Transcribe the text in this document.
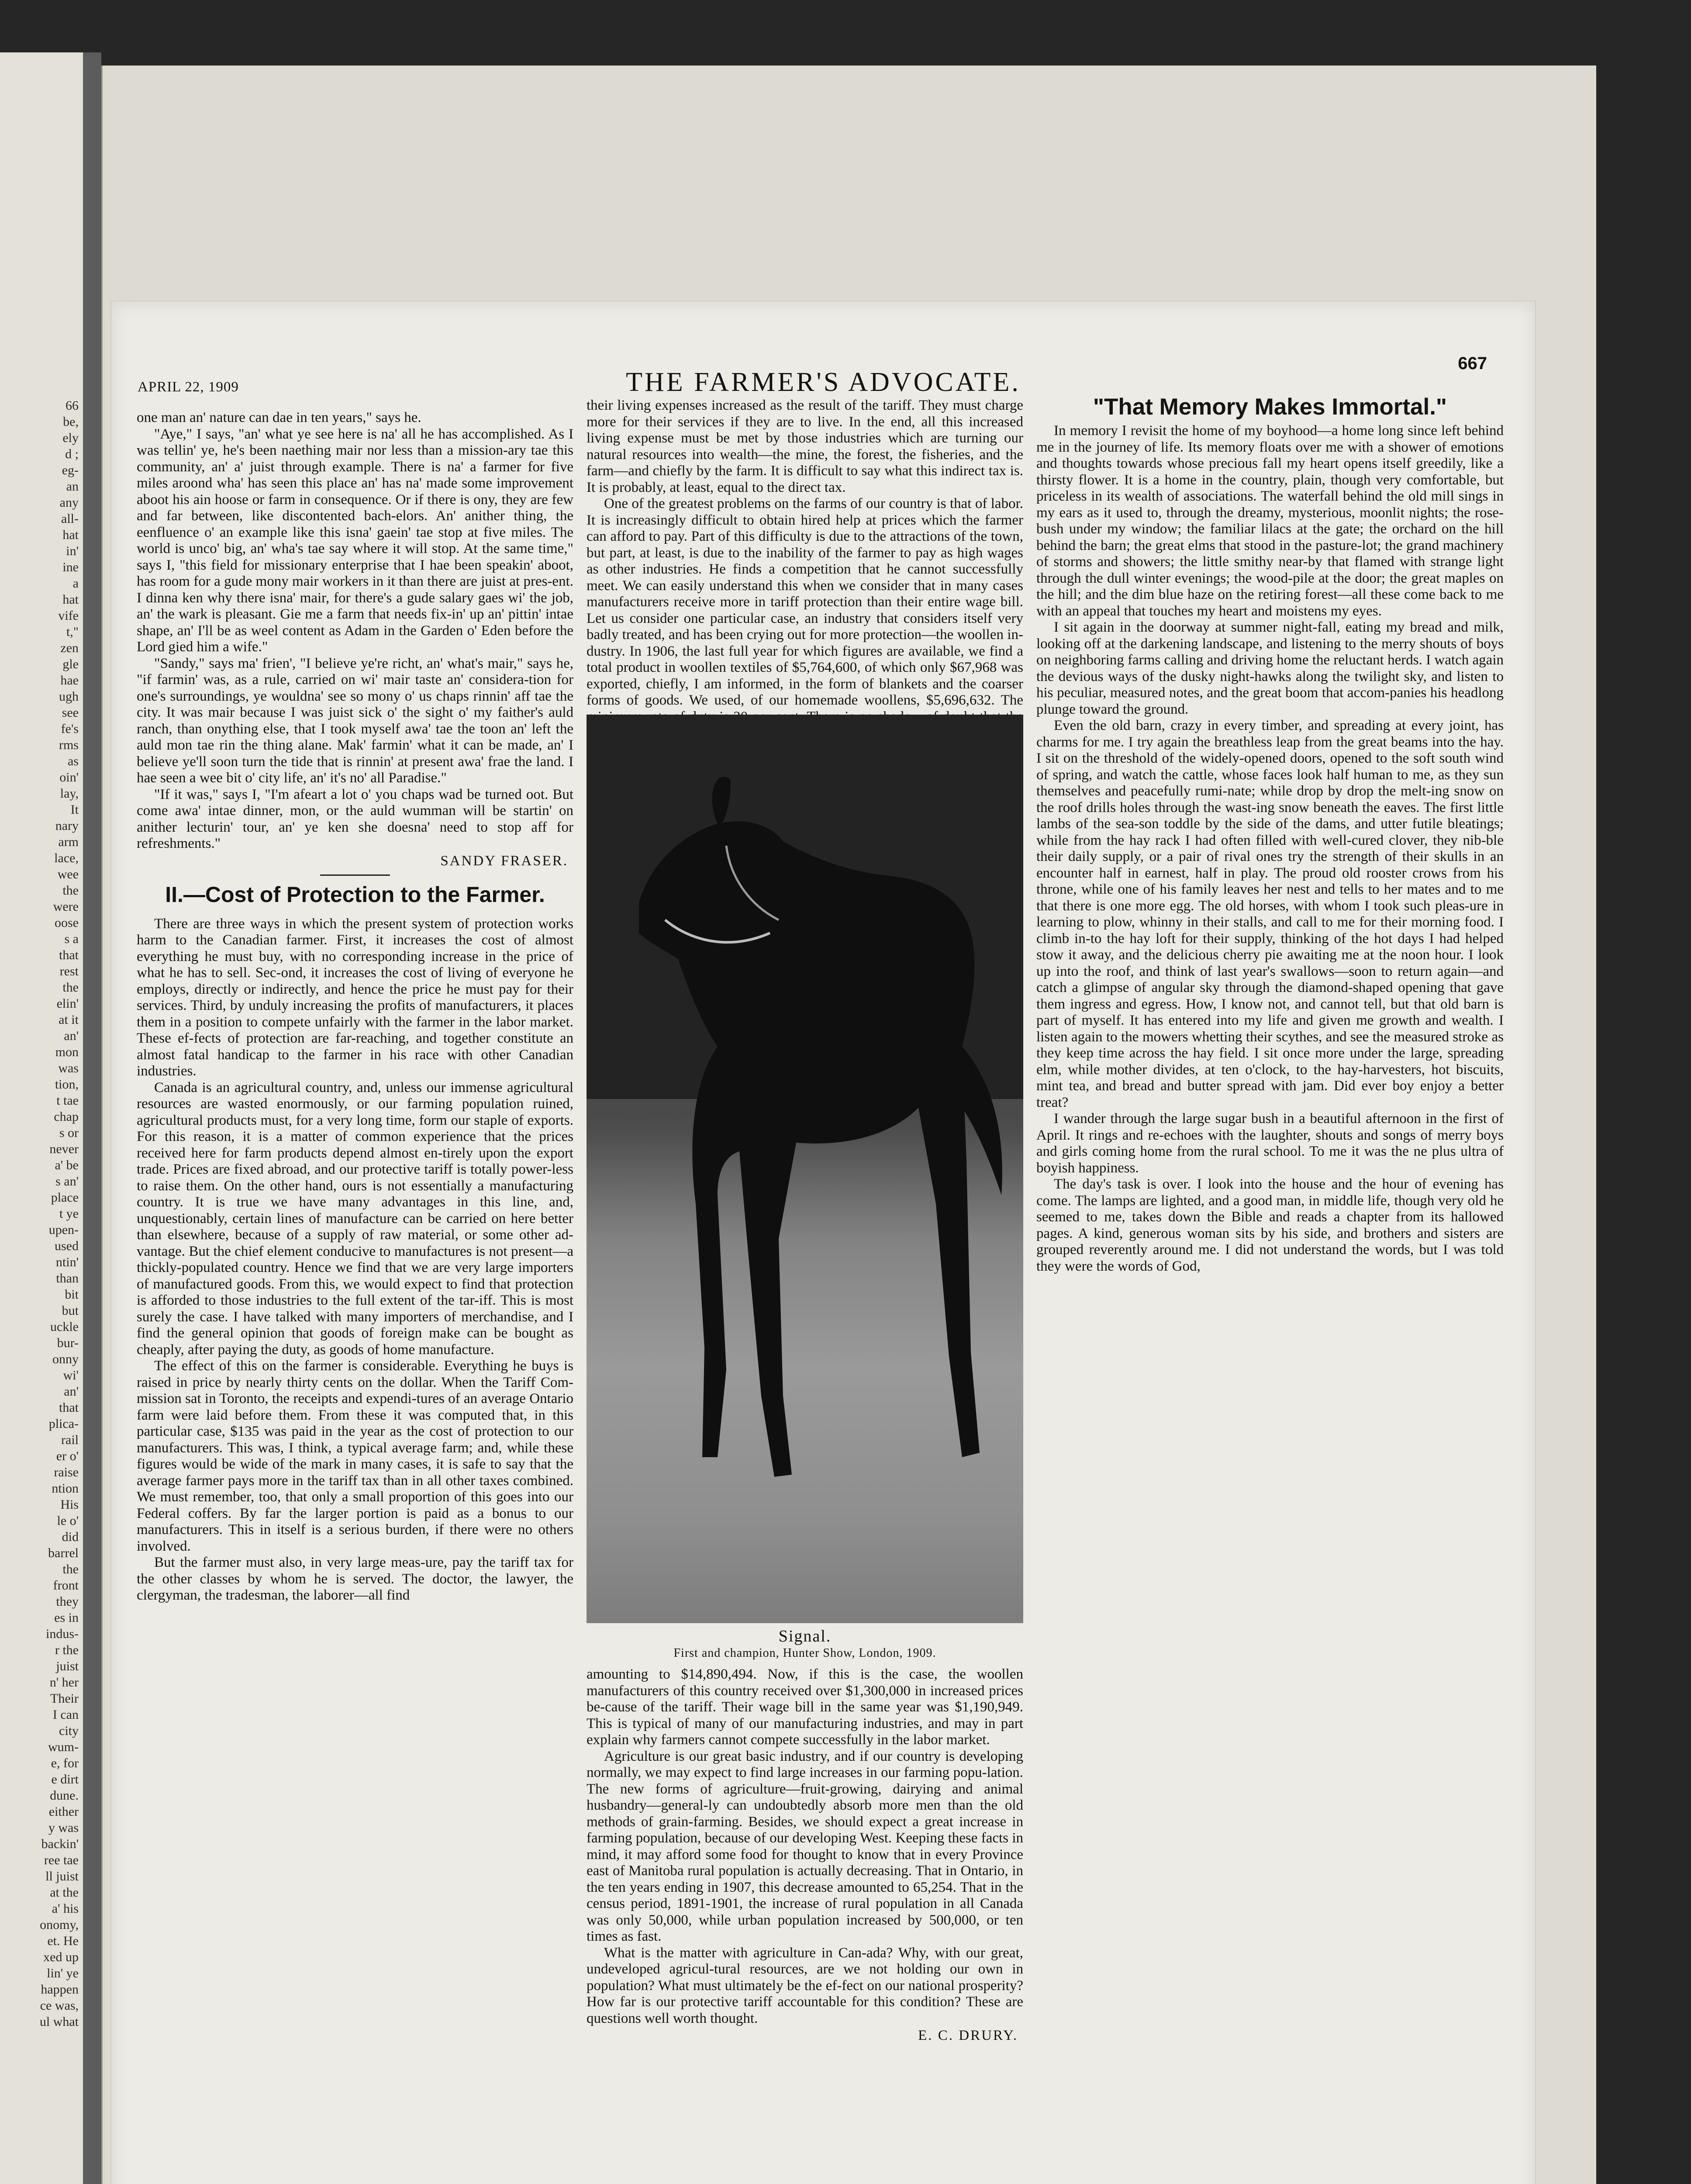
66
be,
ely
d ;
eg-
an
any
all-
hat
in'
ine
a
hat
vife
t,"
zen
gle
hae
ugh
see
fe's
rms
as
oin'
lay,
It
nary
arm
lace,
wee
the
were
oose
s a
that
rest
the
elin'
at it
an'
mon
was
tion,
t tae
chap
s or
never
a' be
s an'
place
t ye
upen-
used
ntin'
than
bit
but
uckle
bur-
onny
wi'
an'
that
plica-
rail
er o'
raise
ntion
His
le o'
did
barrel
the
front
they
es in
indus-
r the
juist
n' her
Their
I can
city
wum-
e, for
e dirt
dune.
either
y was
backin'
ree tae
ll juist
at the
a' his
onomy,
et. He
xed up
lin' ye
happen
ce was,
ul what
APRIL 22, 1909	THE FARMER'S ADVOCATE.
667

one man an' nature can dae in ten years," says he.

"Aye," I says, "an' what ye see here is na' all he has accomplished. As I was tellin' ye, he's been naething mair nor less than a mission-ary tae this community, an' a' juist through example. There is na' a farmer for five miles aroond wha' has seen this place an' has na' made some improvement aboot his ain hoose or farm in consequence. Or if there is ony, they are few and far between, like discontented bach-elors. An' anither thing, the eenfluence o' an example like this isna' gaein' tae stop at five miles. The world is unco' big, an' wha's tae say where it will stop. At the same time," says I, "this field for missionary enterprise that I hae been speakin' aboot, has room for a gude mony mair workers in it than there are juist at pres-ent. I dinna ken why there isna' mair, for there's a gude salary gaes wi' the job, an' the wark is pleasant. Gie me a farm that needs fix-in' up an' pittin' intae shape, an' I'll be as weel content as Adam in the Garden o' Eden before the Lord gied him a wife."

"Sandy," says ma' frien', "I believe ye're richt, an' what's mair," says he, "if farmin' was, as a rule, carried on wi' mair taste an' considera-tion for one's surroundings, ye wouldna' see so mony o' us chaps rinnin' aff tae the city. It was mair because I was juist sick o' the sight o' my faither's auld ranch, than onything else, that I took myself awa' tae the toon an' left the auld mon tae rin the thing alane. Mak' farmin' what it can be made, an' I believe ye'll soon turn the tide that is rinnin' at present awa' frae the land. I hae seen a wee bit o' city life, an' it's no' all Paradise."

"If it was," says I, "I'm afeart a lot o' you chaps wad be turned oot. But come awa' intae dinner, mon, or the auld wumman will be startin' on anither lecturin' tour, an' ye ken she doesna' need to stop aff for refreshments."

SANDY FRASER.
II.—Cost of Protection to the Farmer.

There are three ways in which the present system of protection works harm to the Canadian farmer. First, it increases the cost of almost everything he must buy, with no corresponding increase in the price of what he has to sell. Sec-ond, it increases the cost of living of everyone he employs, directly or indirectly, and hence the price he must pay for their services. Third, by unduly increasing the profits of manufacturers, it places them in a position to compete unfairly with the farmer in the labor market. These ef-fects of protection are far-reaching, and together constitute an almost fatal handicap to the farmer in his race with other Canadian industries.

Canada is an agricultural country, and, unless our immense agricultural resources are wasted enormously, or our farming population ruined, agricultural products must, for a very long time, form our staple of exports. For this reason, it is a matter of common experience that the prices received here for farm products depend almost en-tirely upon the export trade. Prices are fixed abroad, and our protective tariff is totally power-less to raise them. On the other hand, ours is not essentially a manufacturing country. It is true we have many advantages in this line, and, unquestionably, certain lines of manufacture can be carried on here better than elsewhere, because of a supply of raw material, or some other ad-vantage. But the chief element conducive to manufactures is not present—a thickly-populated country. Hence we find that we are very large importers of manufactured goods. From this, we would expect to find that protection is afforded to those industries to the full extent of the tar-iff. This is most surely the case. I have talked with many importers of merchandise, and I find the general opinion that goods of foreign make can be bought as cheaply, after paying the duty, as goods of home manufacture.

The effect of this on the farmer is considerable. Everything he buys is raised in price by nearly thirty cents on the dollar. When the Tariff Com-mission sat in Toronto, the receipts and expendi-tures of an average Ontario farm were laid before them. From these it was computed that, in this particular case, $135 was paid in the year as the cost of protection to our manufacturers. This was, I think, a typical average farm; and, while these figures would be wide of the mark in many cases, it is safe to say that the average farmer pays more in the tariff tax than in all other taxes combined. We must remember, too, that only a small proportion of this goes into our Federal coffers. By far the larger portion is paid as a bonus to our manufacturers. This in itself is a serious burden, if there were no others involved.

But the farmer must also, in very large meas-ure, pay the tariff tax for the other classes by whom he is served. The doctor, the lawyer, the clergyman, the tradesman, the laborer—all find

their living expenses increased as the result of the tariff. They must charge more for their services if they are to live. In the end, all this increased living expense must be met by those industries which are turning our natural resources into wealth—the mine, the forest, the fisheries, and the farm—and chiefly by the farm. It is difficult to say what this indirect tax is. It is probably, at least, equal to the direct tax.

One of the greatest problems on the farms of our country is that of labor. It is increasingly difficult to obtain hired help at prices which the farmer can afford to pay. Part of this difficulty is due to the attractions of the town, but part, at least, is due to the inability of the farmer to pay as high wages as other industries. He finds a competition that he cannot successfully meet. We can easily understand this when we consider that in many cases manufacturers receive more in tariff protection than their entire wage bill. Let us consider one particular case, an industry that considers itself very badly treated, and has been crying out for more protection—the woollen in-dustry. In 1906, the last full year for which figures are available, we find a total product in woollen textiles of $5,764,600, of which only $67,968 was exported, chiefly, I am informed, in the form of blankets and the coarser forms of goods. We used, of our homemade woollens, $5,696,632. The

Signal.
First and champion, Hunter Show, London, 1909.

amounting to $14,890,494. Now, if this is the case, the woollen manufacturers of this country received over $1,300,000 in increased prices be-cause of the tariff. Their wage bill in the same year was $1,190,949. This is typical of many of our manufacturing industries, and may in part explain why farmers cannot compete successfully in the labor market.

Agriculture is our great basic industry, and if our country is developing normally, we may expect to find large increases in our farming popu-lation. The new forms of agriculture—fruit-growing, dairying and animal husbandry—general-ly can undoubtedly absorb more men than the old methods of grain-farming. Besides, we should expect a great increase in farming population, because of our developing West. Keeping these facts in mind, it may afford some food for thought to know that in every Province east of Manitoba rural population is actually decreasing. That in Ontario, in the ten years ending in 1907, this decrease amounted to 65,254. That in the census period, 1891-1901, the increase of rural population in all Canada was only 50,000, while urban population increased by 500,000, or ten times as fast.

What is the matter with agriculture in Can-ada? Why, with our great, undeveloped agricul-tural resources, are we not holding our own in population? What must ultimately be the ef-fect on our national prosperity? How far is our protective tariff accountable for this condition? These are questions well worth thought.

E. C. DRURY.
"That Memory Makes Immortal."

In memory I revisit the home of my boyhood—a home long since left behind me in the journey of life. Its memory floats over me with a shower of emotions and thoughts towards whose precious fall my heart opens itself greedily, like a thirsty flower. It is a home in the country, plain, though very comfortable, but priceless in its wealth of associations. The waterfall behind the old mill sings in my ears as it used to, through the dreamy, mysterious, moonlit nights; the rose-bush under my window; the familiar lilacs at the gate; the orchard on the hill behind the barn; the great elms that stood in the pasture-lot; the grand machinery of storms and showers; the little smithy near-by that flamed with strange light through the dull winter evenings; the wood-pile at the door; the great maples on the hill; and the dim blue haze on the retiring forest—all these come back to me with an appeal that touches my heart and moistens my eyes.

I sit again in the doorway at summer night-fall, eating my bread and milk, looking off at the darkening landscape, and listening to the merry shouts of boys on neighboring farms calling and driving home the reluctant herds. I watch again the devious ways of the dusky night-hawks along the twilight sky, and listen to his peculiar, measured notes, and the great boom that accom-panies his headlong plunge toward the ground.

Even the old barn, crazy in every timber, and spreading at every joint, has charms for me. I try again the breathless leap from the great beams into the hay. I sit on the threshold of the widely-opened doors, opened to the soft south wind of spring, and watch the cattle, whose faces look half human to me, as they sun themselves and peacefully rumi-nate; while drop by drop the melt-ing snow on the roof drills holes through the wast-ing snow beneath the eaves. The first little lambs of the sea-son toddle by the side of the dams, and utter futile bleatings; while from the hay rack I had often filled with well-cured clover, they nib-ble their daily supply, or a pair of rival ones try the strength of their skulls in an encounter half in earnest, half in play. The proud old rooster crows from his throne, while one of his family leaves her nest and tells to her mates and to me that there is one more egg. The old horses, with whom I took such pleas-ure in learning to plow, whinny in their stalls, and call to me for their morning food. I climb in-to the hay loft for their supply, thinking of the hot days I had helped stow it away, and the delicious cherry pie awaiting me at the noon hour. I look up into the roof, and think of last year's swallows—soon to return again—and catch a glimpse of angular sky through the diamond-shaped opening that gave them ingress and egress. How, I know not, and cannot tell, but that old barn is part of myself. It has entered into my life and given me growth and wealth. I listen again to the mowers whetting their scythes, and see the measured stroke as they keep time across the hay field. I sit once more under the large, spreading elm, while mother divides, at ten o'clock, to the hay-harvesters, hot biscuits, mint tea, and bread and butter spread with jam. Did ever boy enjoy a better treat?

I wander through the large sugar bush in a beautiful afternoon in the first of April. It rings and re-echoes with the laughter, shouts and songs of merry boys and girls coming home from the rural school. To me it was the ne plus ultra of boyish happiness.

The day's task is over. I look into the house and the hour of evening has come. The lamps are lighted, and a good man, in middle life, though very old he seemed to me, takes down the Bible and reads a chapter from its hallowed pages. A kind, generous woman sits by his side, and brothers and sisters are grouped reverently around me. I did not understand the words, but I was told they were the words of God,
